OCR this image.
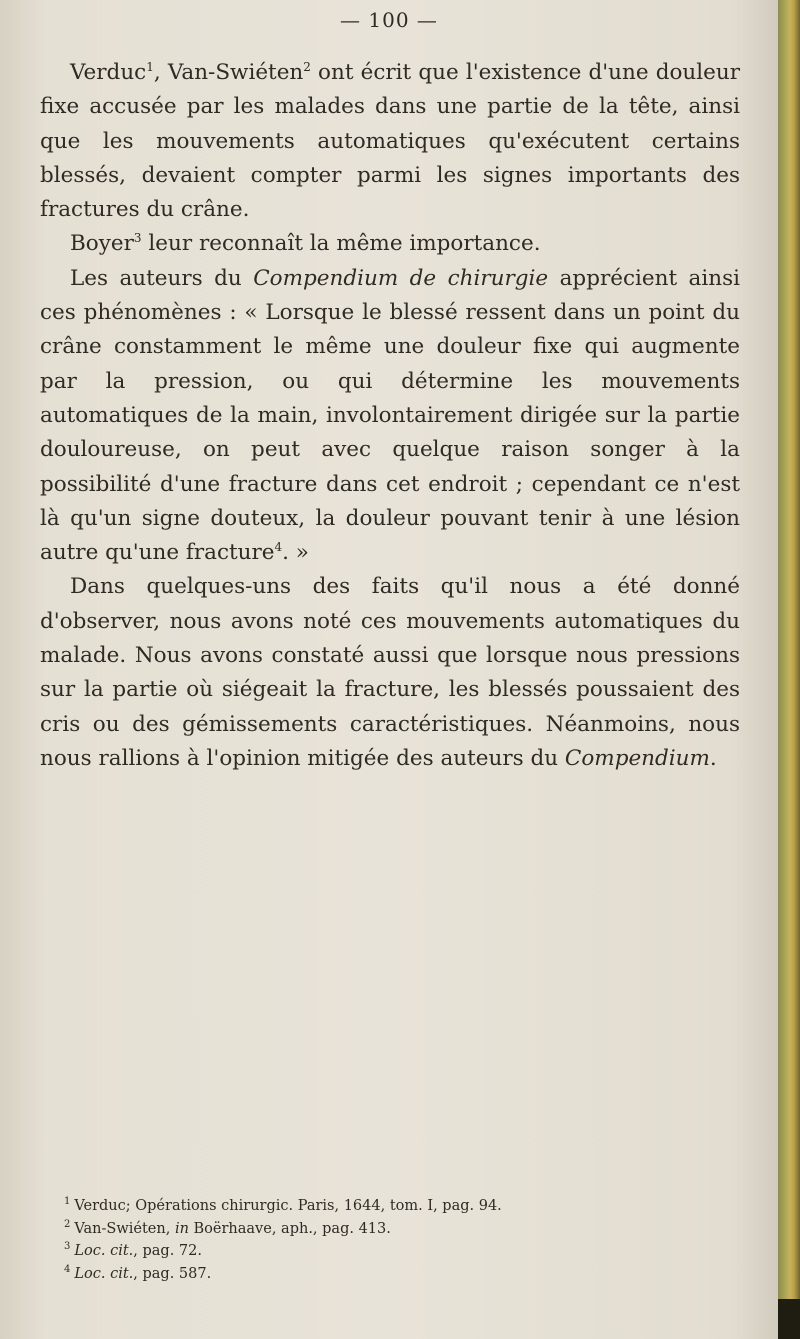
— 100 —

Verduc$^1$, Van-Swiéten$^2$ ont écrit que l'existence d'une douleur fixe accusée par les malades dans une partie de la tête, ainsi que les mouvements automatiques qu'exécutent certains blessés, devaient compter parmi les signes importants des fractures du crâne.

Boyer$^3$ leur reconnaît la même importance.

Les auteurs du Compendium de chirurgie apprécient ainsi ces phénomènes : « Lorsque le blessé ressent dans un point du crâne constamment le même une douleur fixe qui augmente par la pression, ou qui détermine les mouvements automatiques de la main, involontairement dirigée sur la partie douloureuse, on peut avec quelque raison songer à la possibilité d'une fracture dans cet endroit ; cependant ce n'est là qu'un signe douteux, la douleur pouvant tenir à une lésion autre qu'une fracture$^4$. »

Dans quelques-uns des faits qu'il nous a été donné d'observer, nous avons noté ces mouvements automatiques du malade. Nous avons constaté aussi que lorsque nous pressions sur la partie où siégeait la fracture, les blessés poussaient des cris ou des gémissements caractéristiques. Néanmoins, nous nous rallions à l'opinion mitigée des auteurs du Compendium.

$^1$ Verduc; Opérations chirurgic. Paris, 1644, tom. I, pag. 94.
$^2$ Van-Swiéten, in Boërhaave, aph., pag. 413.
$^3$ Loc. cit., pag. 72.
$^4$ Loc. cit., pag. 587.
